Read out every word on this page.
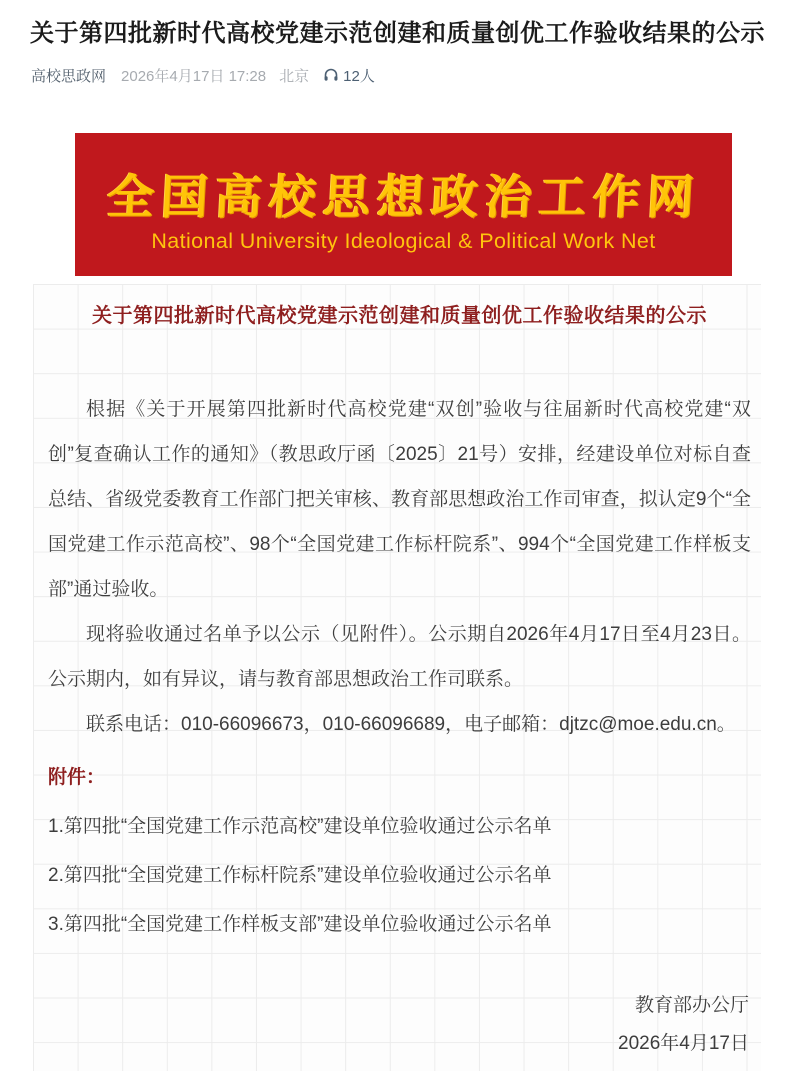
关于第四批新时代高校党建示范创建和质量创优工作验收结果的公示
高校思政网 2026年4月17日 17:28 北京 12人
全国高校思想政治工作网
National University Ideological & Political Work Net
关于第四批新时代高校党建示范创建和质量创优工作验收结果的公示

根据《关于开展第四批新时代高校党建“双创”验收与往届新时代高校党建“双创”复查确认工作的通知》（教思政厅函〔2025〕21号）安排，经建设单位对标自查总结、省级党委教育工作部门把关审核、教育部思想政治工作司审查，拟认定9个“全国党建工作示范高校”、98个“全国党建工作标杆院系”、994个“全国党建工作样板支部”通过验收。

现将验收通过名单予以公示（见附件）。公示期自2026年4月17日至4月23日。公示期内，如有异议，请与教育部思想政治工作司联系。

联系电话：010-66096673，010-66096689，电子邮箱：djtzc@moe.edu.cn。

附件：
1.第四批“全国党建工作示范高校”建设单位验收通过公示名单
2.第四批“全国党建工作标杆院系”建设单位验收通过公示名单
3.第四批“全国党建工作样板支部”建设单位验收通过公示名单
教育部办公厅
2026年4月17日
